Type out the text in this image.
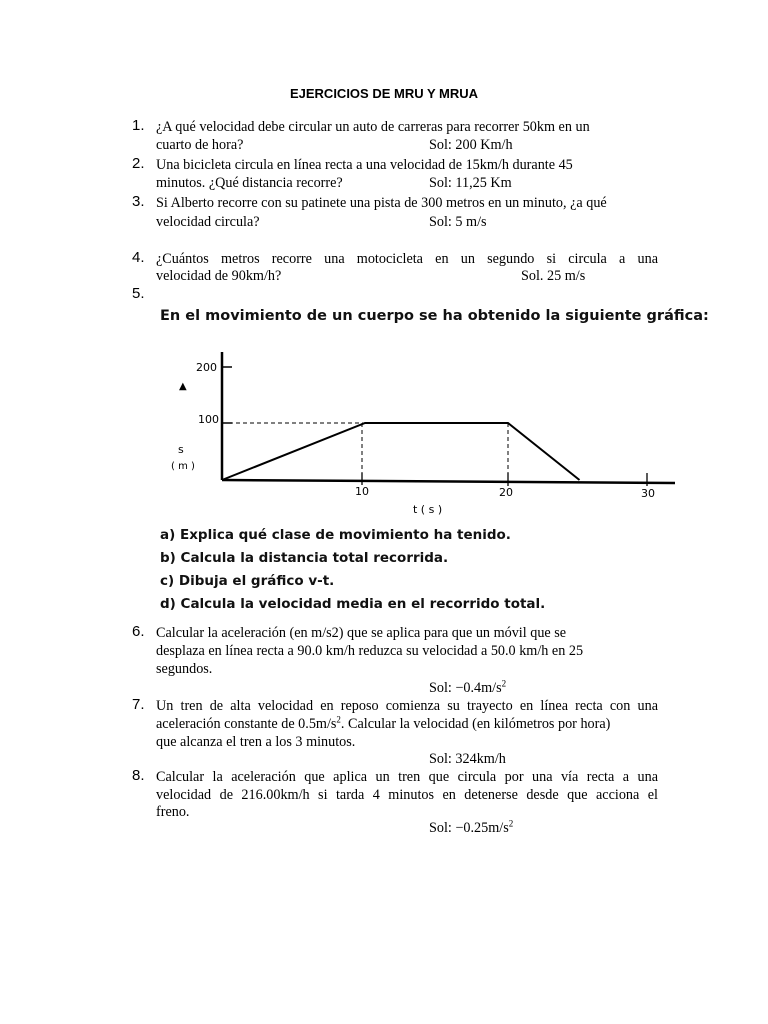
EJERCICIOS DE MRU Y MRUA
1. ¿A qué velocidad debe circular un auto de carreras para recorrer 50km en un
cuarto de hora?	Sol: 200 Km/h
2. Una bicicleta circula en línea recta a una velocidad de 15km/h durante 45
minutos. ¿Qué distancia recorre?	Sol: 11,25 Km
3. Si Alberto recorre con su patinete una pista de 300 metros en un minuto, ¿a qué
velocidad circula?	Sol: 5 m/s
4. ¿Cuántos metros recorre una motocicleta en un segundo si circula a una
velocidad de 90km/h?	Sol. 25 m/s
5.
En el movimiento de un cuerpo se ha obtenido la siguiente gráfica:
200
100
s
( m )
▲
10	20	30
t ( s )
a) Explica qué clase de movimiento ha tenido.
b) Calcula la distancia total recorrida.
c) Dibuja el gráfico v-t.
d) Calcula la velocidad media en el recorrido total.
6. Calcular la aceleración (en m/s2) que se aplica para que un móvil que se
desplaza en línea recta a 90.0 km/h reduzca su velocidad a 50.0 km/h en 25
segundos.
Sol: $-0.4m/s^2$
7. Un tren de alta velocidad en reposo comienza su trayecto en línea recta con una
aceleración constante de $0.5m/s^2$. Calcular la velocidad (en kilómetros por hora)
que alcanza el tren a los 3 minutos.
Sol: 324km/h
8. Calcular la aceleración que aplica un tren que circula por una vía recta a una
velocidad de 216.00km/h si tarda 4 minutos en detenerse desde que acciona el
freno.
Sol: $-0.25m/s^2$
